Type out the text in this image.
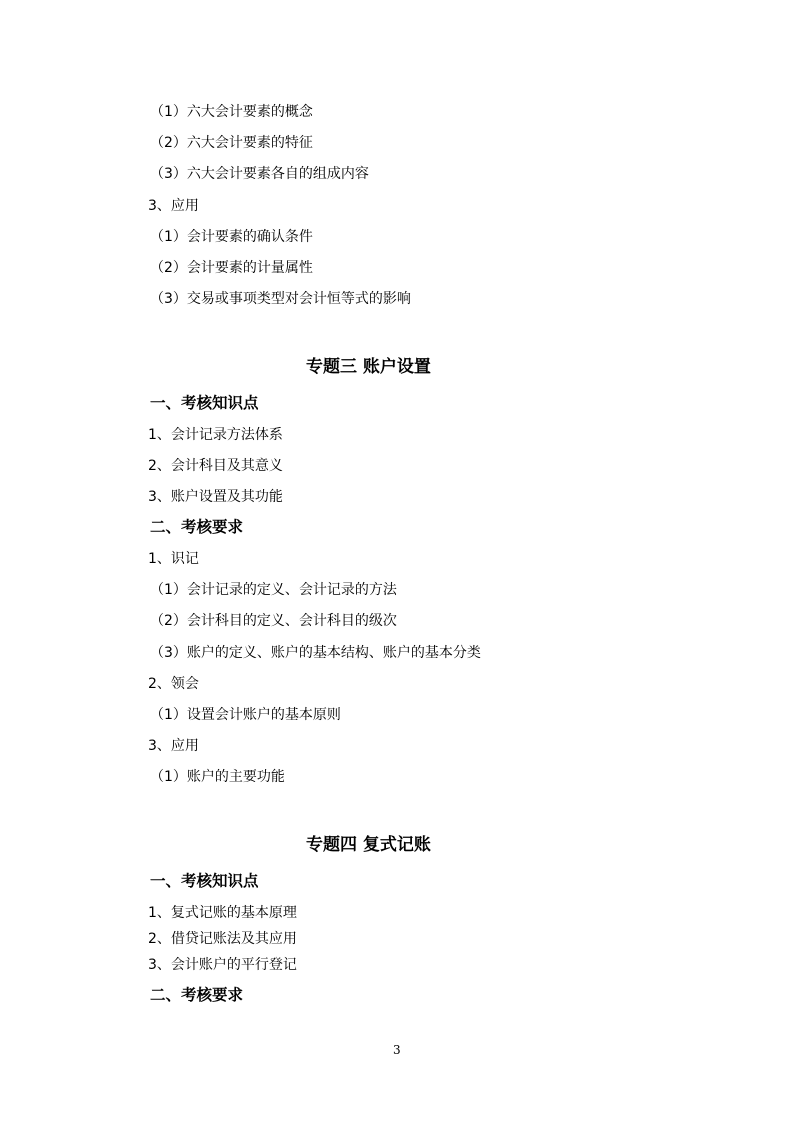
（1）六大会计要素的概念
（2）六大会计要素的特征
（3）六大会计要素各自的组成内容
3、应用
（1）会计要素的确认条件
（2）会计要素的计量属性
（3）交易或事项类型对会计恒等式的影响
专题三 账户设置
一、考核知识点
1、会计记录方法体系
2、会计科目及其意义
3、账户设置及其功能
二、考核要求
1、识记
（1）会计记录的定义、会计记录的方法
（2）会计科目的定义、会计科目的级次
（3）账户的定义、账户的基本结构、账户的基本分类
2、领会
（1）设置会计账户的基本原则
3、应用
（1）账户的主要功能
专题四 复式记账
一、考核知识点
1、复式记账的基本原理
2、借贷记账法及其应用
3、会计账户的平行登记
二、考核要求
3
